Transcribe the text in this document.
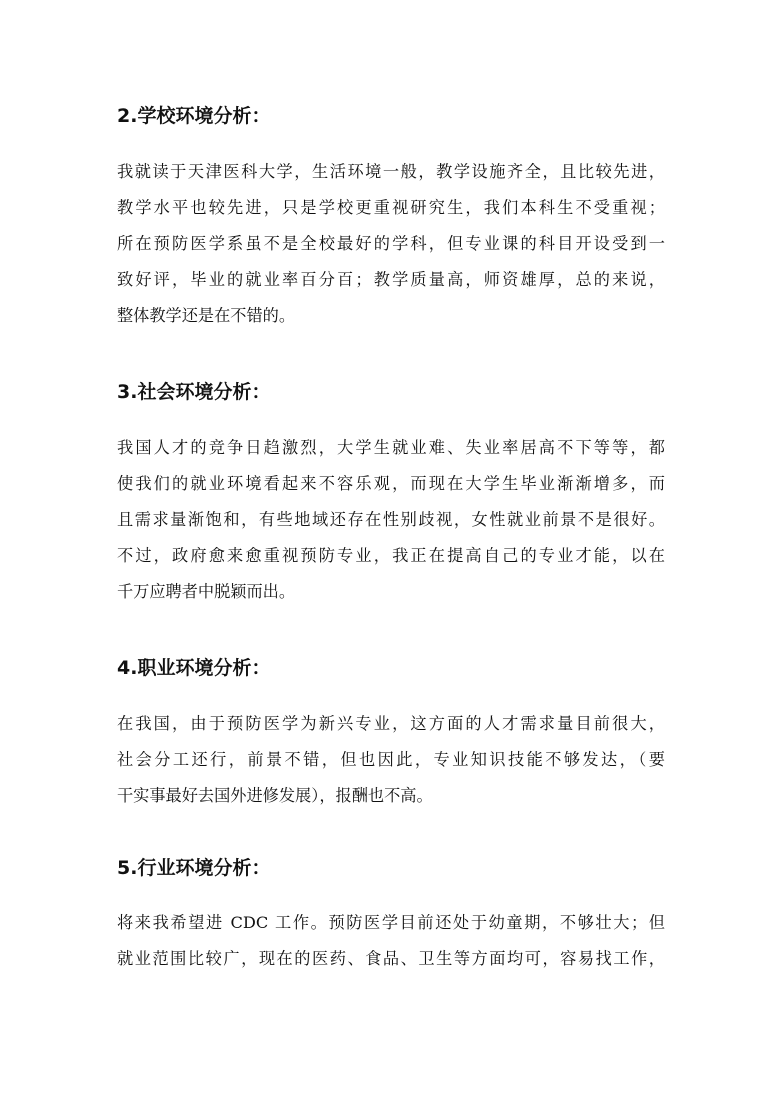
2.学校环境分析：
我就读于天津医科大学，生活环境一般，教学设施齐全，且比较先进，
教学水平也较先进，只是学校更重视研究生，我们本科生不受重视；
所在预防医学系虽不是全校最好的学科，但专业课的科目开设受到一
致好评，毕业的就业率百分百；教学质量高，师资雄厚，总的来说，
整体教学还是在不错的。
3.社会环境分析：
我国人才的竞争日趋激烈，大学生就业难、失业率居高不下等等，都
使我们的就业环境看起来不容乐观，而现在大学生毕业渐渐增多，而
且需求量渐饱和，有些地域还存在性别歧视，女性就业前景不是很好。
不过，政府愈来愈重视预防专业，我正在提高自己的专业才能，以在
千万应聘者中脱颖而出。
4.职业环境分析：
在我国，由于预防医学为新兴专业，这方面的人才需求量目前很大，
社会分工还行，前景不错，但也因此，专业知识技能不够发达，（要
干实事最好去国外进修发展），报酬也不高。
5.行业环境分析：
将来我希望进 CDC 工作。预防医学目前还处于幼童期，不够壮大；但
就业范围比较广，现在的医药、食品、卫生等方面均可，容易找工作，
